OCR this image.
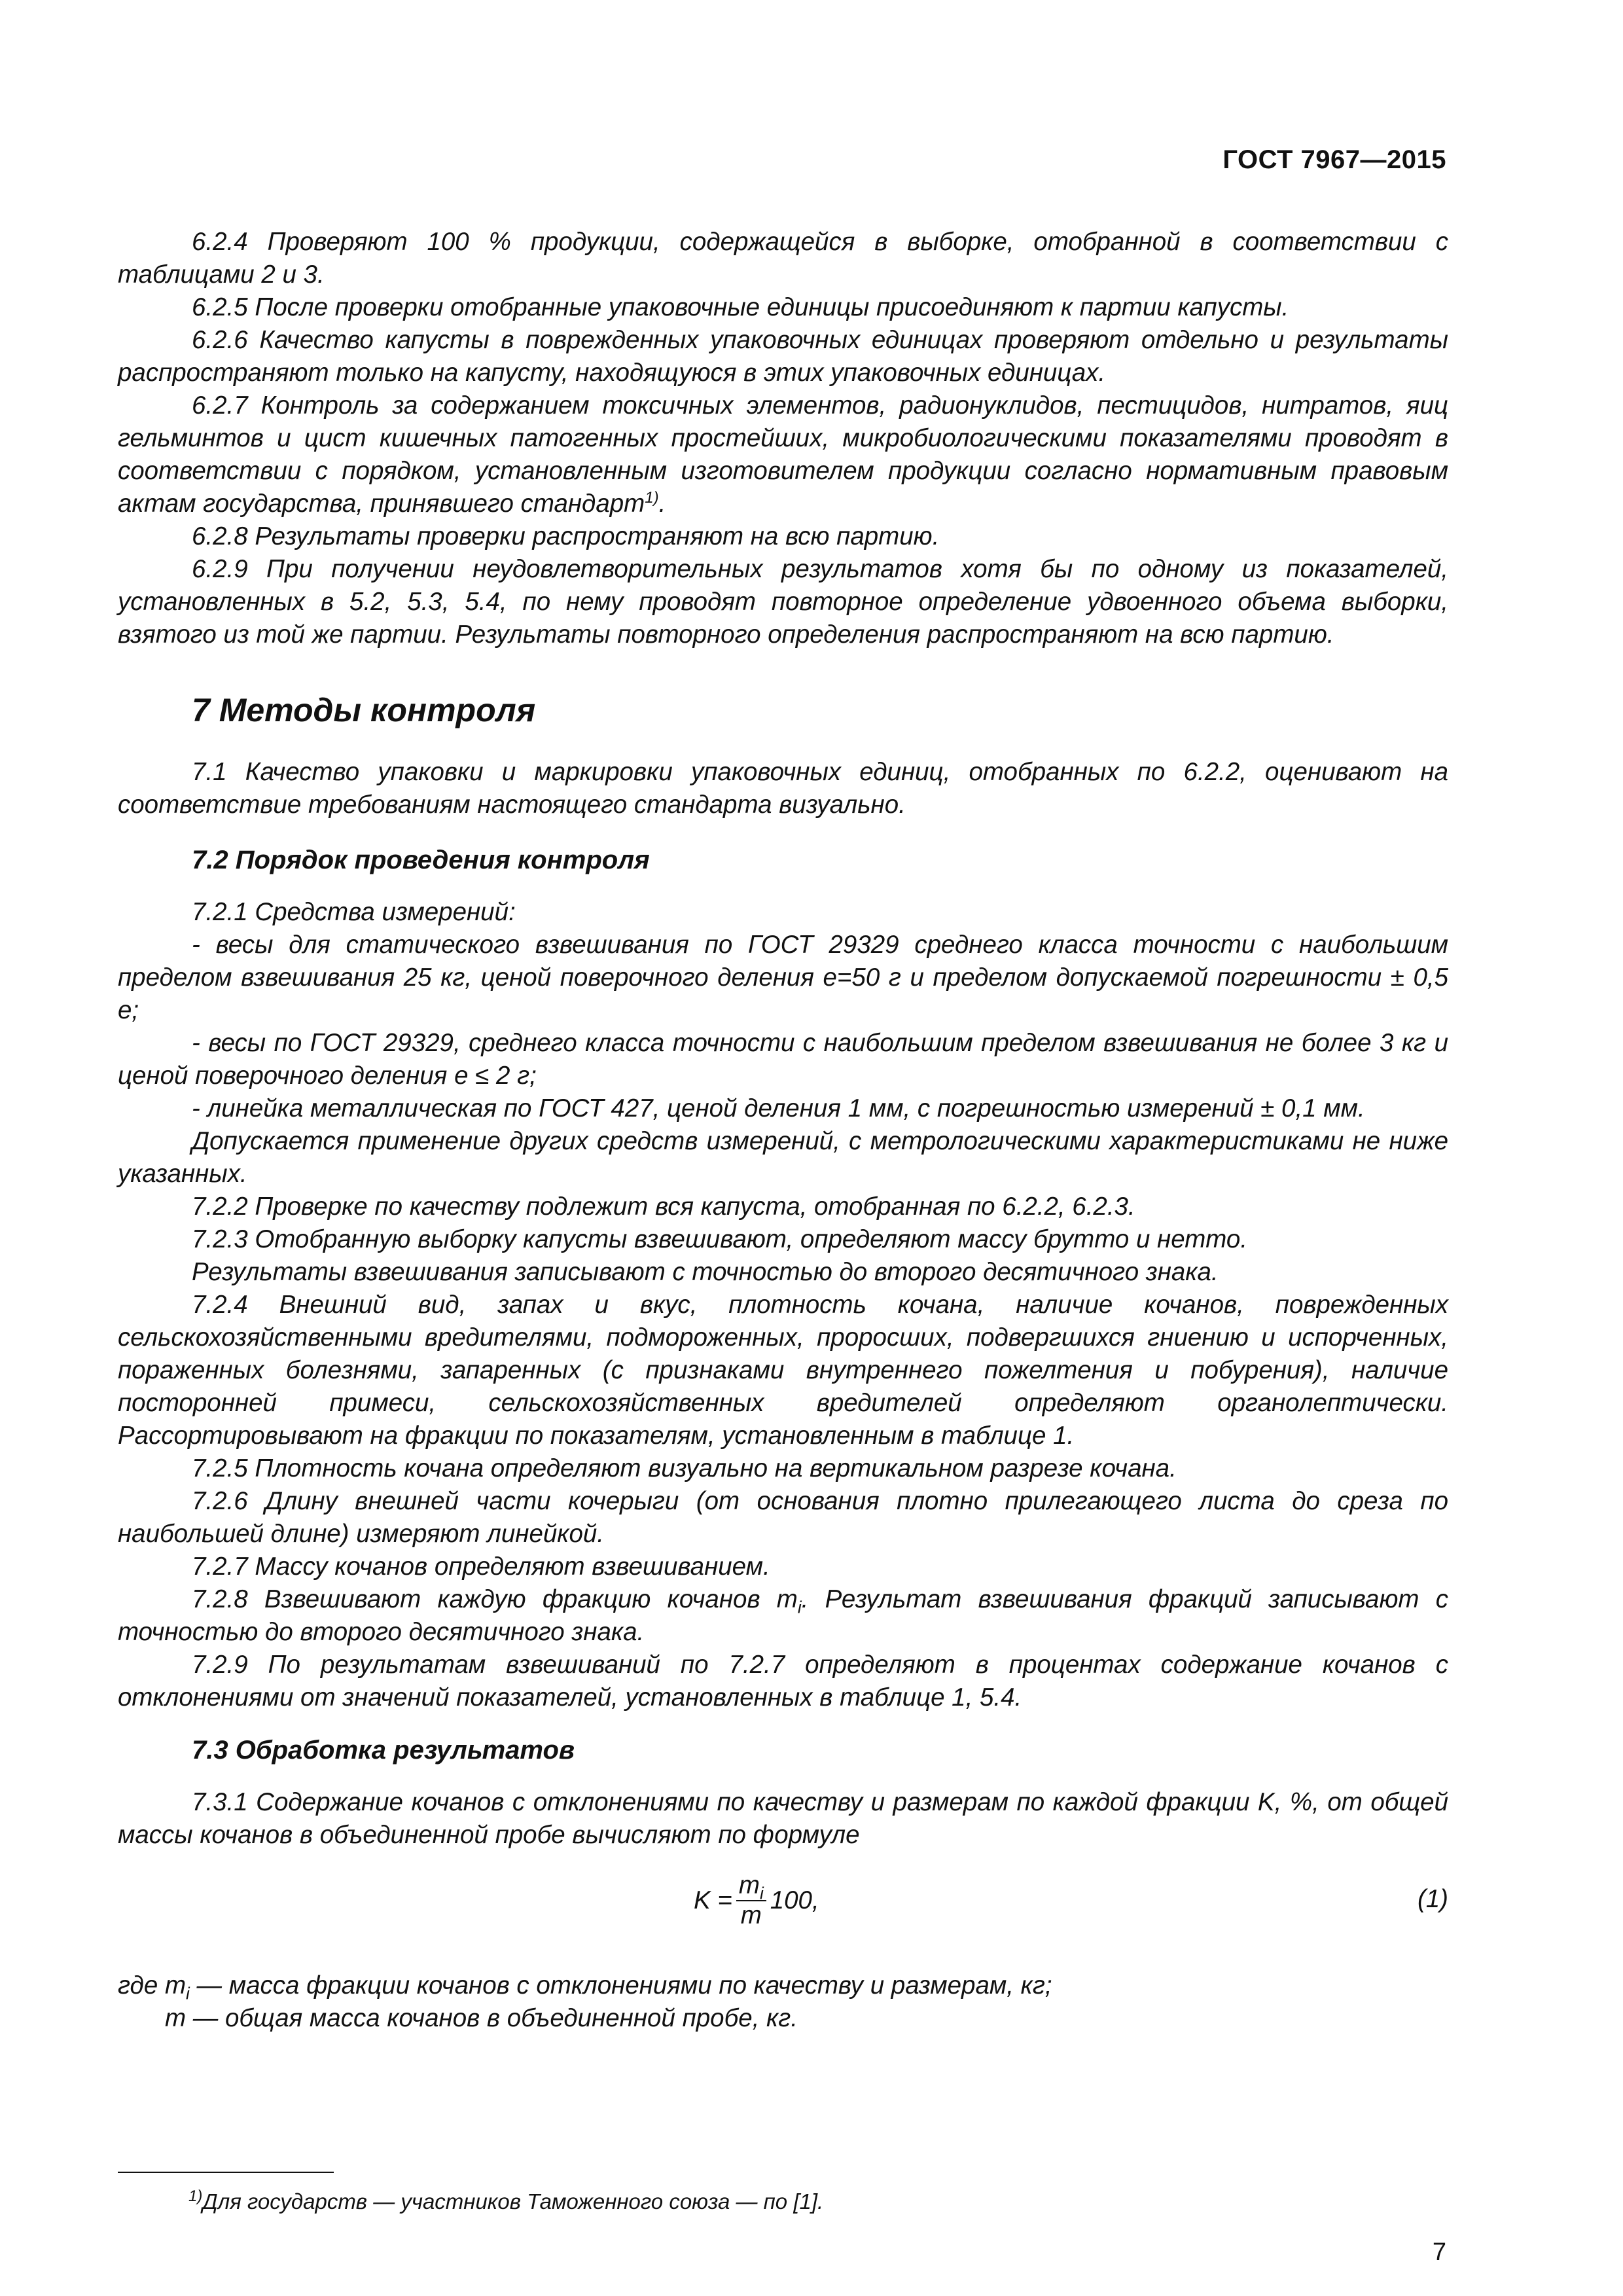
ГОСТ 7967—2015

6.2.4 Проверяют 100 % продукции, содержащейся в выборке, отобранной в соответствии с таблицами 2 и 3.

6.2.5 После проверки отобранные упаковочные единицы присоединяют к партии капусты.

6.2.6 Качество капусты в поврежденных упаковочных единицах проверяют отдельно и результаты распространяют только на капусту, находящуюся в этих упаковочных единицах.

6.2.7 Контроль за содержанием токсичных элементов, радионуклидов, пестицидов, нитратов, яиц гельминтов и цист кишечных патогенных простейших, микробиологическими показателями проводят в соответствии с порядком, установленным изготовителем продукции согласно нормативным правовым актам государства, принявшего стандарт$^{1)}$.

6.2.8 Результаты проверки распространяют на всю партию.

6.2.9 При получении неудовлетворительных результатов хотя бы по одному из показателей, установленных в 5.2, 5.3, 5.4, по нему проводят повторное определение удвоенного объема выборки, взятого из той же партии. Результаты повторного определения распространяют на всю партию.

7 Методы контроля

7.1 Качество упаковки и маркировки упаковочных единиц, отобранных по 6.2.2, оценивают на соответствие требованиям настоящего стандарта визуально.

7.2 Порядок проведения контроля

7.2.1 Средства измерений:

- весы для статического взвешивания по ГОСТ 29329 среднего класса точности с наибольшим пределом взвешивания 25 кг, ценой поверочного деления е=50 г и пределом допускаемой погрешности ± 0,5 е;

- весы по ГОСТ 29329, среднего класса точности с наибольшим пределом взвешивания не более 3 кг и ценой поверочного деления е ≤ 2 г;

- линейка металлическая по ГОСТ 427, ценой деления 1 мм, с погрешностью измерений ± 0,1 мм.

Допускается применение других средств измерений, с метрологическими характеристиками не ниже указанных.

7.2.2 Проверке по качеству подлежит вся капуста, отобранная по 6.2.2, 6.2.3.

7.2.3 Отобранную выборку капусты взвешивают, определяют массу брутто и нетто.

Результаты взвешивания записывают с точностью до второго десятичного знака.

7.2.4 Внешний вид, запах и вкус, плотность кочана, наличие кочанов, поврежденных сельскохозяйственными вредителями, подмороженных, проросших, подвергшихся гниению и испорченных, пораженных болезнями, запаренных (с признаками внутреннего пожелтения и побурения), наличие посторонней примеси, сельскохозяйственных вредителей определяют органолептически. Рассортировывают на фракции по показателям, установленным в таблице 1.

7.2.5 Плотность кочана определяют визуально на вертикальном разрезе кочана.

7.2.6 Длину внешней части кочерыги (от основания плотно прилегающего листа до среза по наибольшей длине) измеряют линейкой.

7.2.7 Массу кочанов определяют взвешиванием.

7.2.8 Взвешивают каждую фракцию кочанов $m_i$. Результат взвешивания фракций записывают с точностью до второго десятичного знака.

7.2.9 По результатам взвешиваний по 7.2.7 определяют в процентах содержание кочанов с отклонениями от значений показателей, установленных в таблице 1, 5.4.

7.3 Обработка результатов

7.3.1 Содержание кочанов с отклонениями по качеству и размерам по каждой фракции K, %, от общей массы кочанов в объединенной пробе вычисляют по формуле

$K = \frac{m_i}{m} 100$,	(1)

где $m_i$ — масса фракции кочанов с отклонениями по качеству и размерам, кг;

m — общая масса кочанов в объединенной пробе, кг.

$^{1)}$Для государств — участников Таможенного союза — по [1].
7
